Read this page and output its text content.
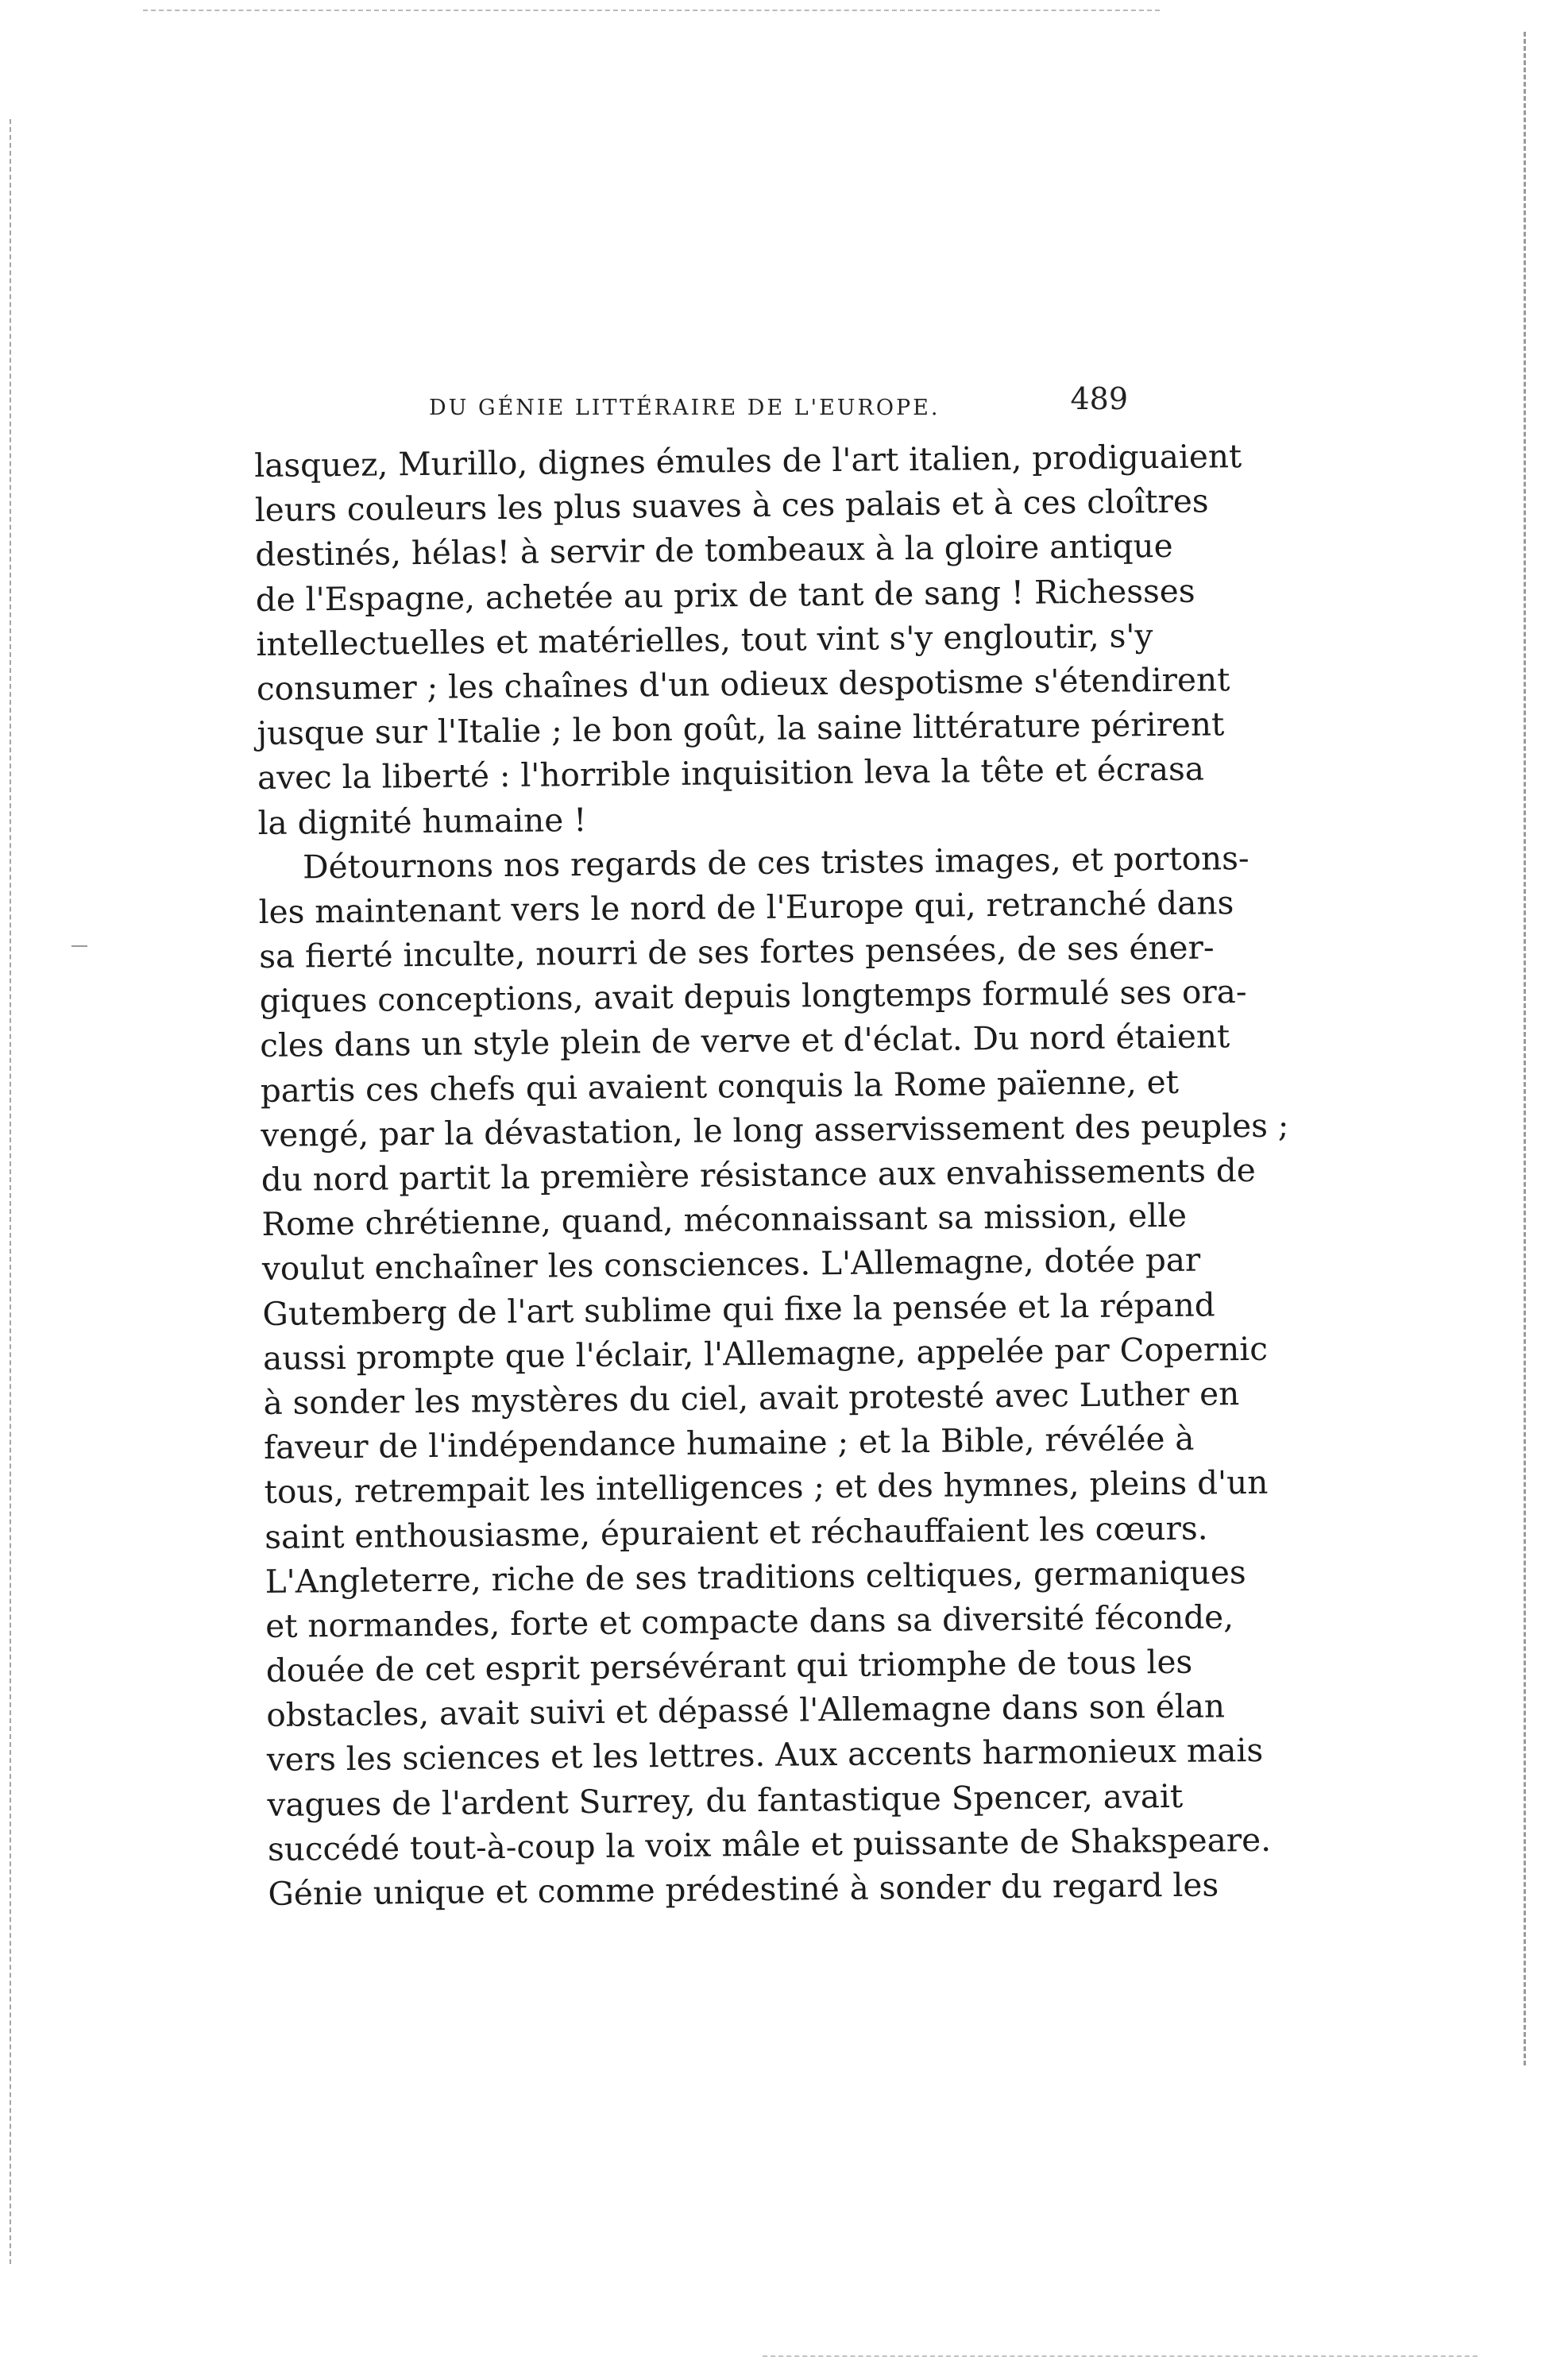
DU GÉNIE LITTÉRAIRE DE L'EUROPE.	489
lasquez, Murillo, dignes émules de l'art italien, prodiguaient
leurs couleurs les plus suaves à ces palais et à ces cloîtres
destinés, hélas! à servir de tombeaux à la gloire antique
de l'Espagne, achetée au prix de tant de sang ! Richesses
intellectuelles et matérielles, tout vint s'y engloutir, s'y
consumer ; les chaînes d'un odieux despotisme s'étendirent
jusque sur l'Italie ; le bon goût, la saine littérature périrent
avec la liberté : l'horrible inquisition leva la tête et écrasa
la dignité humaine !
Détournons nos regards de ces tristes images, et portons-
les maintenant vers le nord de l'Europe qui, retranché dans
sa fierté inculte, nourri de ses fortes pensées, de ses éner-
giques conceptions, avait depuis longtemps formulé ses ora-
cles dans un style plein de verve et d'éclat. Du nord étaient
partis ces chefs qui avaient conquis la Rome païenne, et
vengé, par la dévastation, le long asservissement des peuples ;
du nord partit la première résistance aux envahissements de
Rome chrétienne, quand, méconnaissant sa mission, elle
voulut enchaîner les consciences. L'Allemagne, dotée par
Gutemberg de l'art sublime qui fixe la pensée et la répand
aussi prompte que l'éclair, l'Allemagne, appelée par Copernic
à sonder les mystères du ciel, avait protesté avec Luther en
faveur de l'indépendance humaine ; et la Bible, révélée à
tous, retrempait les intelligences ; et des hymnes, pleins d'un
saint enthousiasme, épuraient et réchauffaient les cœurs.
L'Angleterre, riche de ses traditions celtiques, germaniques
et normandes, forte et compacte dans sa diversité féconde,
douée de cet esprit persévérant qui triomphe de tous les
obstacles, avait suivi et dépassé l'Allemagne dans son élan
vers les sciences et les lettres. Aux accents harmonieux mais
vagues de l'ardent Surrey, du fantastique Spencer, avait
succédé tout-à-coup la voix mâle et puissante de Shakspeare.
Génie unique et comme prédestiné à sonder du regard les
